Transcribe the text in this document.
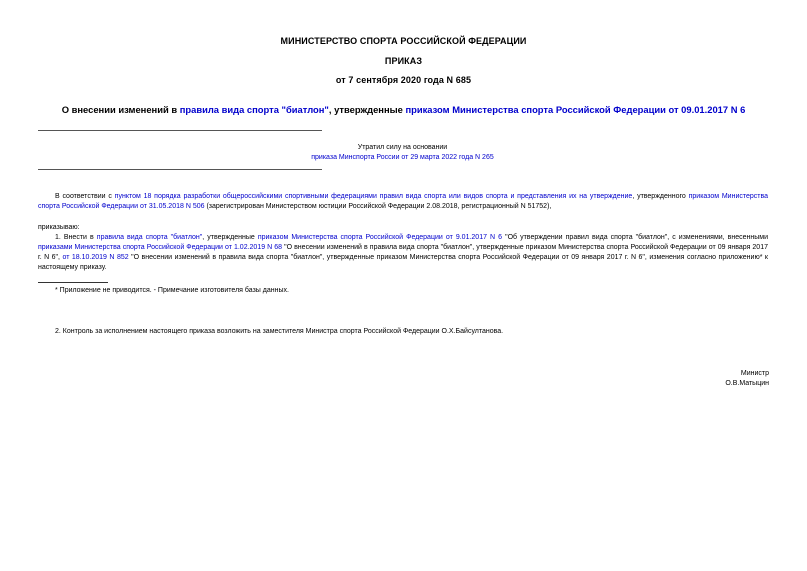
МИНИСТЕРСТВО СПОРТА РОССИЙСКОЙ ФЕДЕРАЦИИ
ПРИКАЗ
от 7 сентября 2020 года N 685
О внесении изменений в правила вида спорта "биатлон", утвержденные приказом Министерства спорта Российской Федерации от 09.01.2017 N 6
Утратил силу на основании
приказа Минспорта России от 29 марта 2022 года N 265
В соответствии с пунктом 18 порядка разработки общероссийскими спортивными федерациями правил вида спорта или видов спорта и представления их на утверждение, утвержденного приказом Министерства спорта Российской Федерации от 31.05.2018 N 506 (зарегистрирован Министерством юстиции Российской Федерации 2.08.2018, регистрационный N 51752),
приказываю:
1. Внести в правила вида спорта "биатлон", утвержденные приказом Министерства спорта Российской Федерации от 9.01.2017 N 6 "Об утверждении правил вида спорта "биатлон", с изменениями, внесенными приказами Министерства спорта Российской Федерации от 1.02.2019 N 68 "О внесении изменений в правила вида спорта "биатлон", утвержденные приказом Министерства спорта Российской Федерации от 09 января 2017 г. N 6", от 18.10.2019 N 852 "О внесении изменений в правила вида спорта "биатлон", утвержденные приказом Министерства спорта Российской Федерации от 09 января 2017 г. N 6", изменения согласно приложению* к настоящему приказу.
* Приложение не приводится. - Примечание изготовителя базы данных.
2. Контроль за исполнением настоящего приказа возложить на заместителя Министра спорта Российской Федерации О.Х.Байсултанова.
Министр
О.В.Матыцин
